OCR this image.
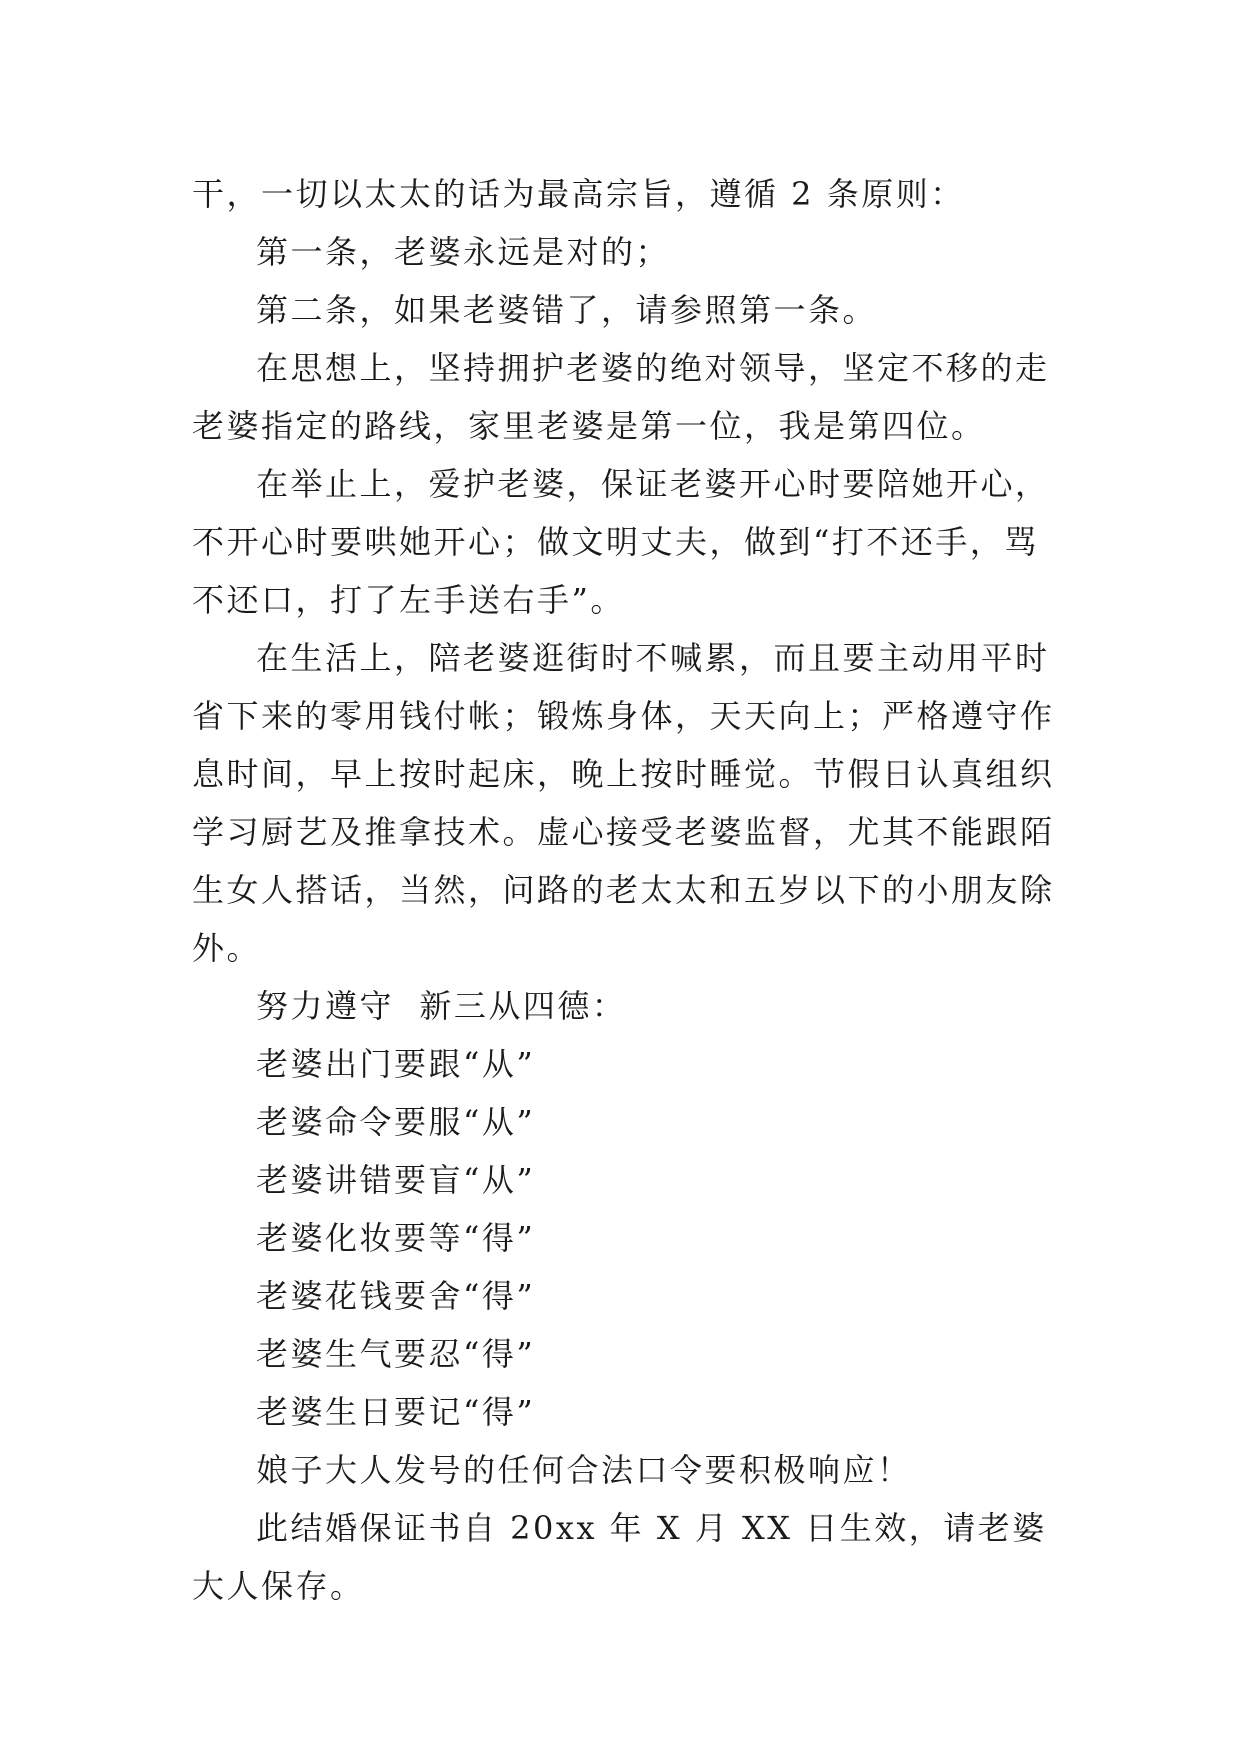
干，一切以太太的话为最高宗旨，遵循 2 条原则：

第一条，老婆永远是对的；

第二条，如果老婆错了，请参照第一条。

在思想上，坚持拥护老婆的绝对领导，坚定不移的走老婆指定的路线，家里老婆是第一位，我是第四位。

在举止上，爱护老婆，保证老婆开心时要陪她开心，不开心时要哄她开心；做文明丈夫，做到“打不还手，骂不还口，打了左手送右手”。

在生活上，陪老婆逛街时不喊累，而且要主动用平时省下来的零用钱付帐；锻炼身体，天天向上；严格遵守作息时间，早上按时起床，晚上按时睡觉。节假日认真组织学习厨艺及推拿技术。虚心接受老婆监督，尤其不能跟陌生女人搭话，当然，问路的老太太和五岁以下的小朋友除外。

努力遵守  新三从四德：

老婆出门要跟“从”

老婆命令要服“从”

老婆讲错要盲“从”

老婆化妆要等“得”

老婆花钱要舍“得”

老婆生气要忍“得”

老婆生日要记“得”

娘子大人发号的任何合法口令要积极响应！

此结婚保证书自 20xx 年 X 月 XX 日生效，请老婆大人保存。
